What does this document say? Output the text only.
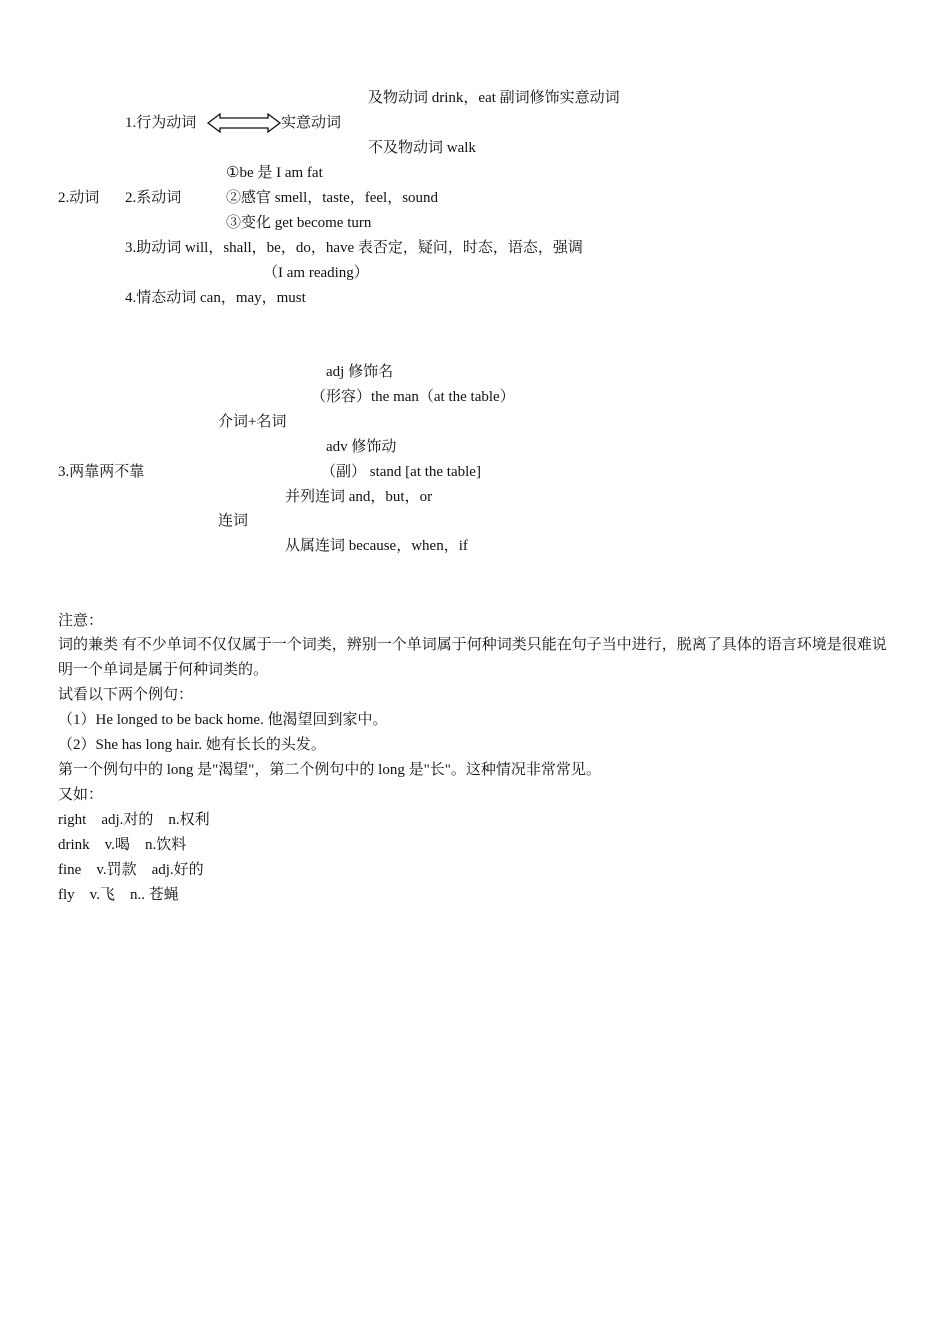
及物动词 drink，eat 副词修饰实意动词
1.行为动词	实意动词
不及物动词 walk
①be 是 I am fat
2.动词 2.系动词	②感官 smell，taste，feel，sound
③变化 get become turn
3.助动词 will，shall，be，do，have 表否定，疑问，时态，语态，强调
（I am reading）
4.情态动词 can，may，must
adj 修饰名
（形容）the man（at the table）
介词+名词
adv 修饰动
3.两靠两不靠	（副） stand [at the table]
并列连词 and，but，or
连词
从属连词 because，when，if
注意：
词的兼类 有不少单词不仅仅属于一个词类，辨别一个单词属于何种词类只能在句子当中进行，脱离了具体的语言环境是很难说明一个单词是属于何种词类的。
试看以下两个例句：
（1）He longed to be back home. 他渴望回到家中。
（2）She has long hair. 她有长长的头发。
第一个例句中的 long 是"渴望"，第二个例句中的 long 是"长"。这种情况非常常见。
又如：
right    adj.对的    n.权利
drink    v.喝    n.饮料
fine    v.罚款    adj.好的
fly    v.飞    n.. 苍蝇
